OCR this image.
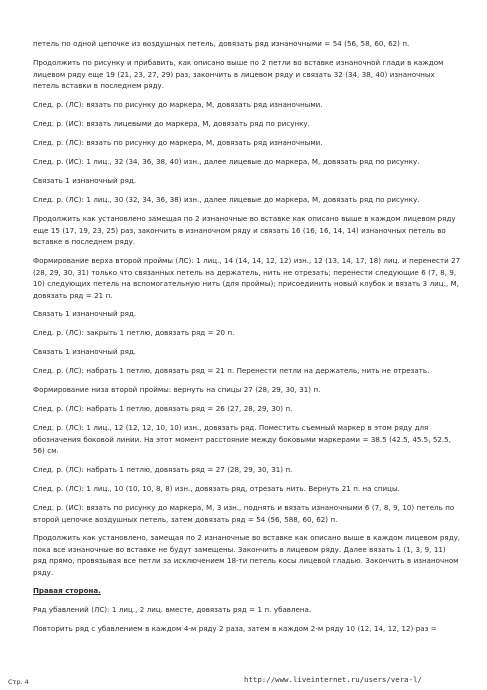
петель по одной цепочке из воздушных петель, довязать ряд изнаночными = 54 (56, 58, 60, 62) п.

Продолжить по рисунку и прибавить, как описано выше по 2 петли во вставке изнаночной глади в каждом лицевом ряду еще 19 (21, 23, 27, 29) раз, закончить в лицевом ряду и связать 32 (34, 38, 40) изнаночных петель вставки в последнем ряду.

След. р. (ЛС): вязать по рисунку до маркера, М, довязать ряд изнаночными.

След. р. (ИС): вязать лицевыми до маркера, М, довязать ряд по рисунку.

След. р. (ЛС): вязать по рисунку до маркера, М, довязать ряд изнаночными.

След. р. (ИС): 1 лиц., 32 (34, 36, 38, 40) изн., далее лицевые до маркера, М, довязать ряд по рисунку.

Связать 1 изнаночный ряд.

След. р. (ЛС): 1 лиц., 30 (32, 34, 36, 38) изн., далее лицевые до маркера, М, довязать ряд по рисунку.

Продолжить как установлено замещая по 2 изнаночные во вставке как описано выше в каждом лицевом ряду еще 15 (17, 19, 23, 25) раз, закончить в изнаночном ряду и связать 16 (16, 16, 14, 14) изнаночных петель во вставке в последнем ряду.

Формирование верха второй проймы (ЛС): 1 лиц., 14 (14, 14, 12, 12) изн., 12 (13, 14, 17, 18) лиц. и перенести 27 (28, 29, 30, 31) только что связанных петель на держатель, нить не отрезать; перенести следующие 6 (7, 8, 9, 10) следующих петель на вспомогательную нить (для проймы); присоединить новый клубок и вязать 3 лиц., М, довязать ряд = 21 п.

Связать 1 изнаночный ряд.

След. р. (ЛС): закрыть 1 петлю, довязать ряд = 20 п.

Связать 1 изнаночный ряд.

След. р. (ЛС): набрать 1 петлю, довязать ряд = 21 п. Перенести петли на держатель, нить не отрезать.

Формирование низа второй проймы: вернуть на спицы 27 (28, 29, 30, 31) п.

След. р. (ЛС): набрать 1 петлю, довязать ряд = 26 (27, 28, 29, 30) п.

След. р. (ЛС): 1 лиц., 12 (12, 12, 10, 10) изн., довязать ряд. Поместить съемный маркер в этом ряду для обозначения боковой линии. На этот момент расстояние между боковыми маркерами = 38.5 (42.5, 45.5, 52.5, 56) см.

След. р. (ЛС): набрать 1 петлю, довязать ряд = 27 (28, 29, 30, 31) п.

След. р. (ЛС): 1 лиц., 10 (10, 10, 8, 8) изн., довязать ряд, отрезать нить. Вернуть 21 п. на спицы.

След. р. (ИС): вязать по рисунку до маркера, М, 3 изн., поднять и вязать изнаночными 6 (7, 8, 9, 10) петель по второй цепочке воздушных петель, затем довязать ряд = 54 (56, 588, 60, 62) п.

Продолжить как установлено, замещая по 2 изнаночные во вставке как описано выше в каждом лицевом ряду, пока все изнаночные во вставке не будут замещены. Закончить в лицевом ряду. Далее вязать 1 (1, 3, 9, 11) ряд прямо, провязывая все петли за исключением 18-ти петель косы лицевой гладью. Закончить в изнаночном ряду.

Правая сторона.

Ряд убавлений (ЛС): 1 лиц., 2 лиц. вместе, довязать ряд = 1 п. убавлена.

Повторить ряд с убавлением в каждом 4-м ряду 2 раза, затем в каждом 2-м ряду 10 (12, 14, 12, 12) раз =

Стр. 4	http://www.liveinternet.ru/users/vera-l/
